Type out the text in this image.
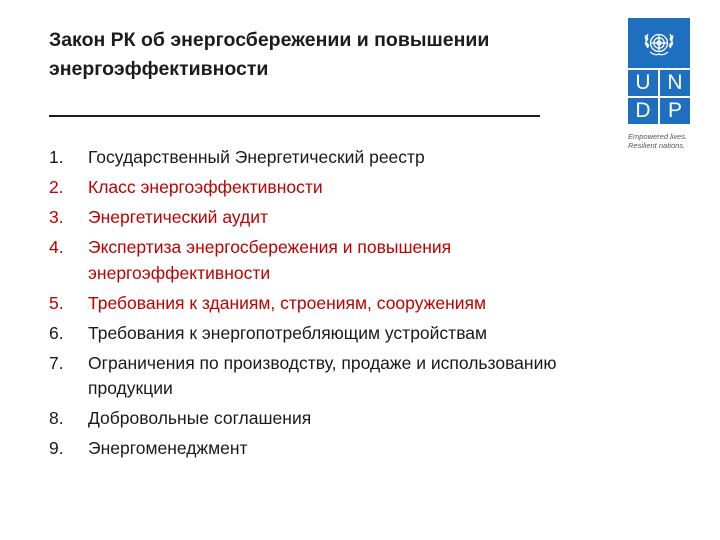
Закон РК об энергосбережении и повышении энергоэффективности
1.	Государственный Энергетический реестр
2.	Класс энергоэффективности
3.	Энергетический аудит
4.	Экспертиза энергосбережения и повышения энергоэффективности
5.	Требования к зданиям, строениям, сооружениям
6.	Требования к энергопотребляющим устройствам
7.	Ограничения по производству, продаже и использованию продукции
8.	Добровольные соглашения
9.	Энергоменеджмент
U N
D P
Empowered lives.
Resilient nations.
